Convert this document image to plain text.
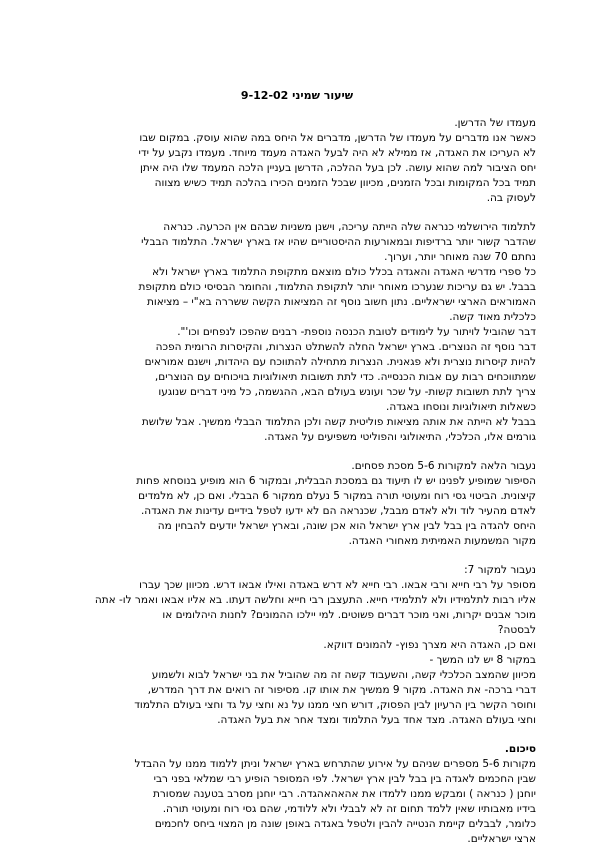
שיעור שמיני 9-12-02
מעמדו של הדרשן.
כאשר אנו מדברים על מעמדו של הדרשן, מדברים אל היחס במה שהוא עוסק. במקום שבו
לא העריכו את האגדה, אז ממילא לא היה לבעל האגדה מעמד מיוחד. מעמדו נקבע על ידי
יחס הציבור למה שהוא עושה. לכן בעל ההלכה, הדרשן בעניין הלכה המעמד שלו היה איתן
תמיד בכל המקומות ובכל הזמנים, מכיוון שבכל הזמנים הכירו בהלכה תמיד כשיש מצווה
לעסוק בה.
לתלמוד הירושלמי כנראה שלה הייתה עריכה, וישנן משניות שבהם אין הכרעה. כנראה
שהדבר קשור יותר ברדיפות ובמאורעות ההיסטוריים שהיו אז בארץ ישראל. התלמוד הבבלי
נחתם 70 שנה מאוחר יותר, וערוך.
כל ספרי מדרשי האגדה והאגדה בכלל כולם מוצאם מתקופת התלמוד בארץ ישראל ולא
בבבל. יש גם עריכות שנערכו מאוחר יותר לתקופת התלמוד, והחומר הבסיסי כולם מתקופת
האמוראים הארצי ישראליים. נתון חשוב נוסף זה המציאות הקשה ששררה בא"י – מציאות
כלכלית מאוד קשה.
דבר שהוביל לויתור על לימודים לטובת הכנסה נוספת- רבנים שהפכו לנפחים וכו'".
דבר נוסף זה הנוצרים. בארץ ישראל החלה להשתלט הנצרות, והקיסרות הרומית הפכה
להיות קיסרות נוצרית ולא פגאנית. הנצרות מתחילה להתווכח עם היהדות, וישנם אמוראים
שמתווכחים רבות עם אבות הכנסייה. כדי לתת תשובות תיאולוגיות בויכוחים עם הנוצרים,
צריך לתת תשובות קשות- על שכר ועונש בעולם הבא, ההגשמה, כל מיני דברים שנוגעו
כשאלות תיאולוגיות ונוסחו באגדה.
בבבל לא הייתה את אותה מציאות פוליטית קשה ולכן התלמוד הבבלי ממשיך. אבל שלושת
גורמים אלו, הכלכלי, התיאולוגי והפוליטי משפיעים על האגדה.
נעבור הלאה למקורות 5-6 מסכת פסחים.
הסיפור שמופיע לפנינו יש לו תיעוד גם במסכת הבבלית, ובמקור 6 הוא מופיע בנוסחא פחות
קיצונית. הביטוי גסי רוח ומעוטי תורה במקור 5 נעלם ממקור 6 הבבלי. ואם כן, לא מלמדים
לאדם מהעיר לוד ולא לאדם מבבל, שכנראה הם לא ידעו לטפל בידיים עדינות את האגדה.
היחס להגדה בין בבל לבין ארץ ישראל הוא אכן שונה, ובארץ ישראל יודעים להבחין מה
מקור המשמעות האמיתית מאחורי האגדה.
נעבור למקור 7:
מסופר על רבי חייא ורבי אבאו. רבי חייא לא דרש באגדה ואילו אבאו דרש. מכיוון שכך עברו
אליו רבות לתלמידיו ולא לתלמידי חייא. התעצבן רבי חייא וחלשה דעתו. בא אליו אבאו ואמר לו- אתה
מוכר אבנים יקרות, ואני מוכר דברים פשוטים. למי יילכו ההמונים? לחנות היהלומים או
לבסטה?
ואם כן, האגדה היא מצרך נפוץ- להמונים דווקא.
במקור 8 יש לנו המשך -
מכיוון שהמצב הכלכלי קשה, והשעבוד קשה זה מה שהוביל את בני ישראל לבוא ולשמוע
דברי ברכה- את האגדה. מקור 9 ממשיך את אותו קו. מסיפור זה רואים את דרך המדרש,
וחוסר הקשר בין הרעיון לבין הפסוק, דורש חצי ממנו על נא וחצי על גד וחצי בעולם התלמוד
וחצי בעולם האגדה. מצד אחד בעל התלמוד ומצד אחר את בעל האגדה.
סיכום.
מקורות 5-6 מספרים שניהם על אירוע שהתרחש בארץ ישראל וניתן ללמוד ממנו על ההבדל
שבין החכמים לאגדה בין בבל לבין ארץ ישראל. לפי המסופר הופיע רבי שמלאי בפני רבי
יוחנן ( כנראה ) ומבקש ממנו ללמדו את אהאהאהגדה. רבי יוחנן מסרב בטענה שמסורת
בידיו מאבותיו שאין ללמד תחום זה לא לבבלי ולא ללודמי, שהם גסי רוח ומעוטי תורה.
כלומר, לבבלים קיימת הנטייה להבין ולטפל באגדה באופן שונה מן המצוי ביחס לחכמים
ארצי ישראליים.
